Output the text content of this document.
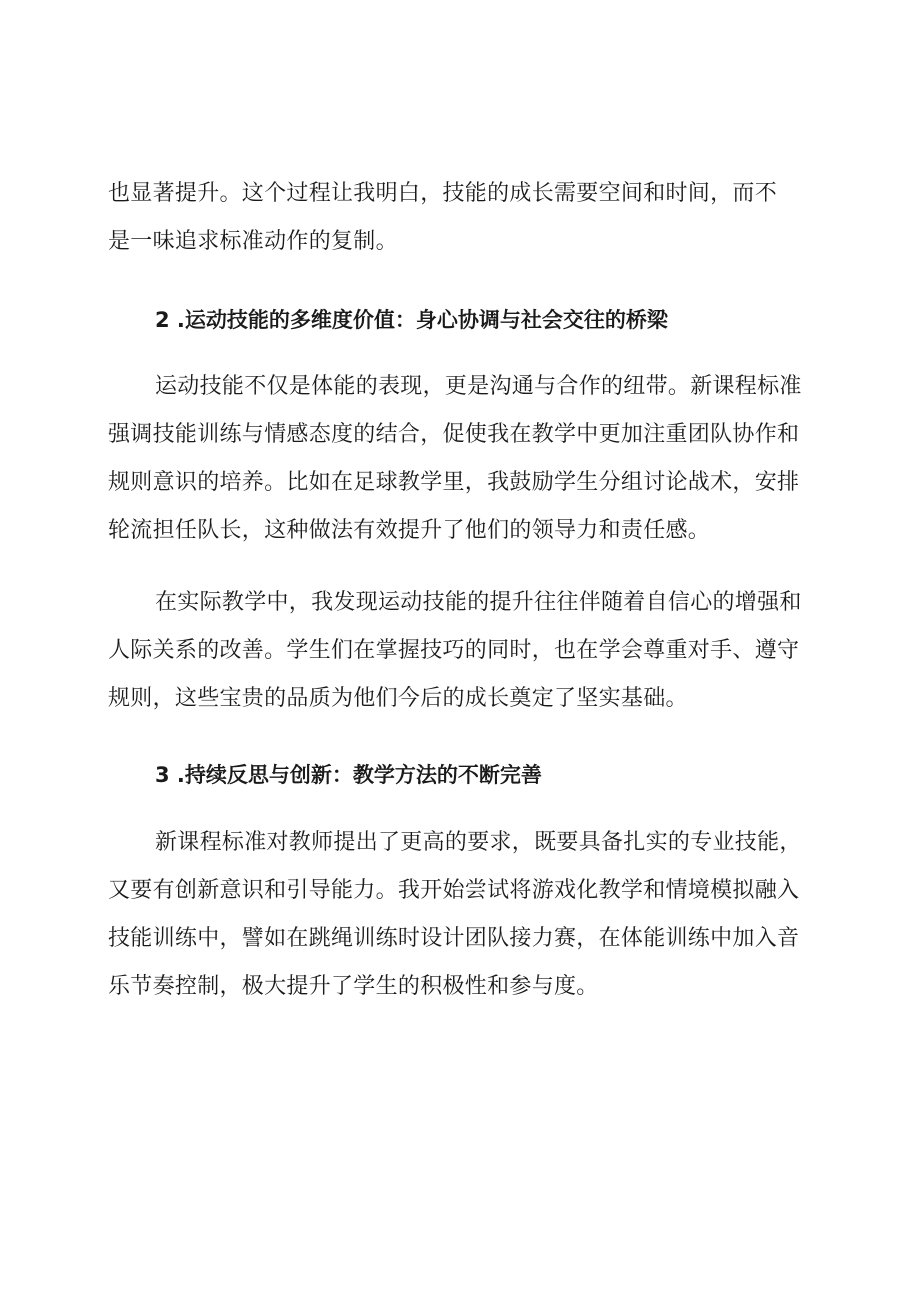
也显著提升。这个过程让我明白，技能的成长需要空间和时间，而不
是一味追求标准动作的复制。
2 .运动技能的多维度价值：身心协调与社会交往的桥梁
运动技能不仅是体能的表现，更是沟通与合作的纽带。新课程标准
强调技能训练与情感态度的结合，促使我在教学中更加注重团队协作和
规则意识的培养。比如在足球教学里，我鼓励学生分组讨论战术，安排
轮流担任队长，这种做法有效提升了他们的领导力和责任感。
在实际教学中，我发现运动技能的提升往往伴随着自信心的增强和
人际关系的改善。学生们在掌握技巧的同时，也在学会尊重对手、遵守
规则，这些宝贵的品质为他们今后的成长奠定了坚实基础。
3 .持续反思与创新：教学方法的不断完善
新课程标准对教师提出了更高的要求，既要具备扎实的专业技能，
又要有创新意识和引导能力。我开始尝试将游戏化教学和情境模拟融入
技能训练中，譬如在跳绳训练时设计团队接力赛，在体能训练中加入音
乐节奏控制，极大提升了学生的积极性和参与度。
